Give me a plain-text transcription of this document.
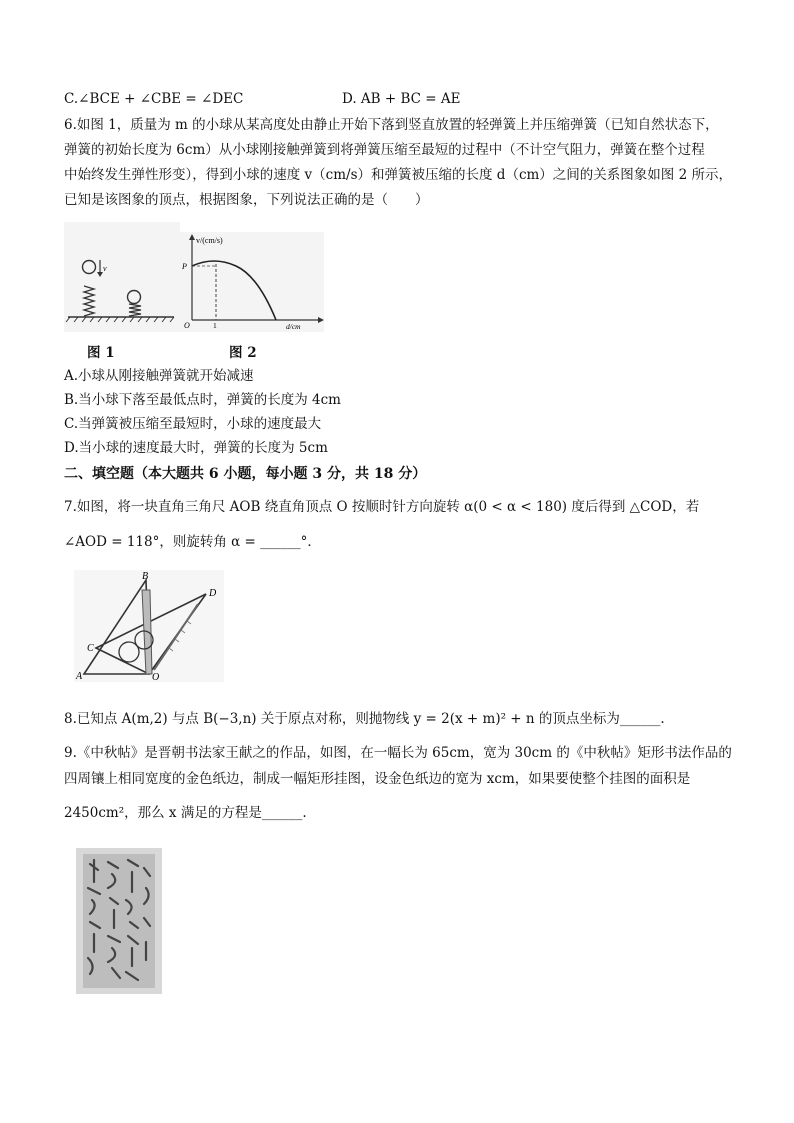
C.∠BCE + ∠CBE = ∠DEC	D. AB + BC = AE
6.如图 1，质量为 m 的小球从某高度处由静止开始下落到竖直放置的轻弹簧上并压缩弹簧（已知自然状态下，
弹簧的初始长度为 6cm）从小球刚接触弹簧到将弹簧压缩至最短的过程中（不计空气阻力，弹簧在整个过程
中始终发生弹性形变），得到小球的速度 v（cm/s）和弹簧被压缩的长度 d（cm）之间的关系图象如图 2 所示，
已知是该图象的顶点，根据图象，下列说法正确的是（　　）
v
v/(cm/s)
d/cm
P
O	1
图 1	图 2
A.小球从刚接触弹簧就开始减速
B.当小球下落至最低点时，弹簧的长度为 4cm
C.当弹簧被压缩至最短时，小球的速度最大
D.当小球的速度最大时，弹簧的长度为 5cm
二、填空题（本大题共 6 小题，每小题 3 分，共 18 分）
7.如图，将一块直角三角尺 AOB 绕直角顶点 O 按顺时针方向旋转 α(0 < α < 180) 度后得到 △COD，若
∠AOD = 118°，则旋转角 α = ______°．
B
D
C
A	O
8.已知点 A(m,2) 与点 B(−3,n) 关于原点对称，则抛物线 y = 2(x + m)² + n 的顶点坐标为______.
9.《中秋帖》是晋朝书法家王献之的作品，如图，在一幅长为 65cm，宽为 30cm 的《中秋帖》矩形书法作品的
四周镶上相同宽度的金色纸边，制成一幅矩形挂图，设金色纸边的宽为 xcm，如果要使整个挂图的面积是
2450cm²，那么 x 满足的方程是______.
